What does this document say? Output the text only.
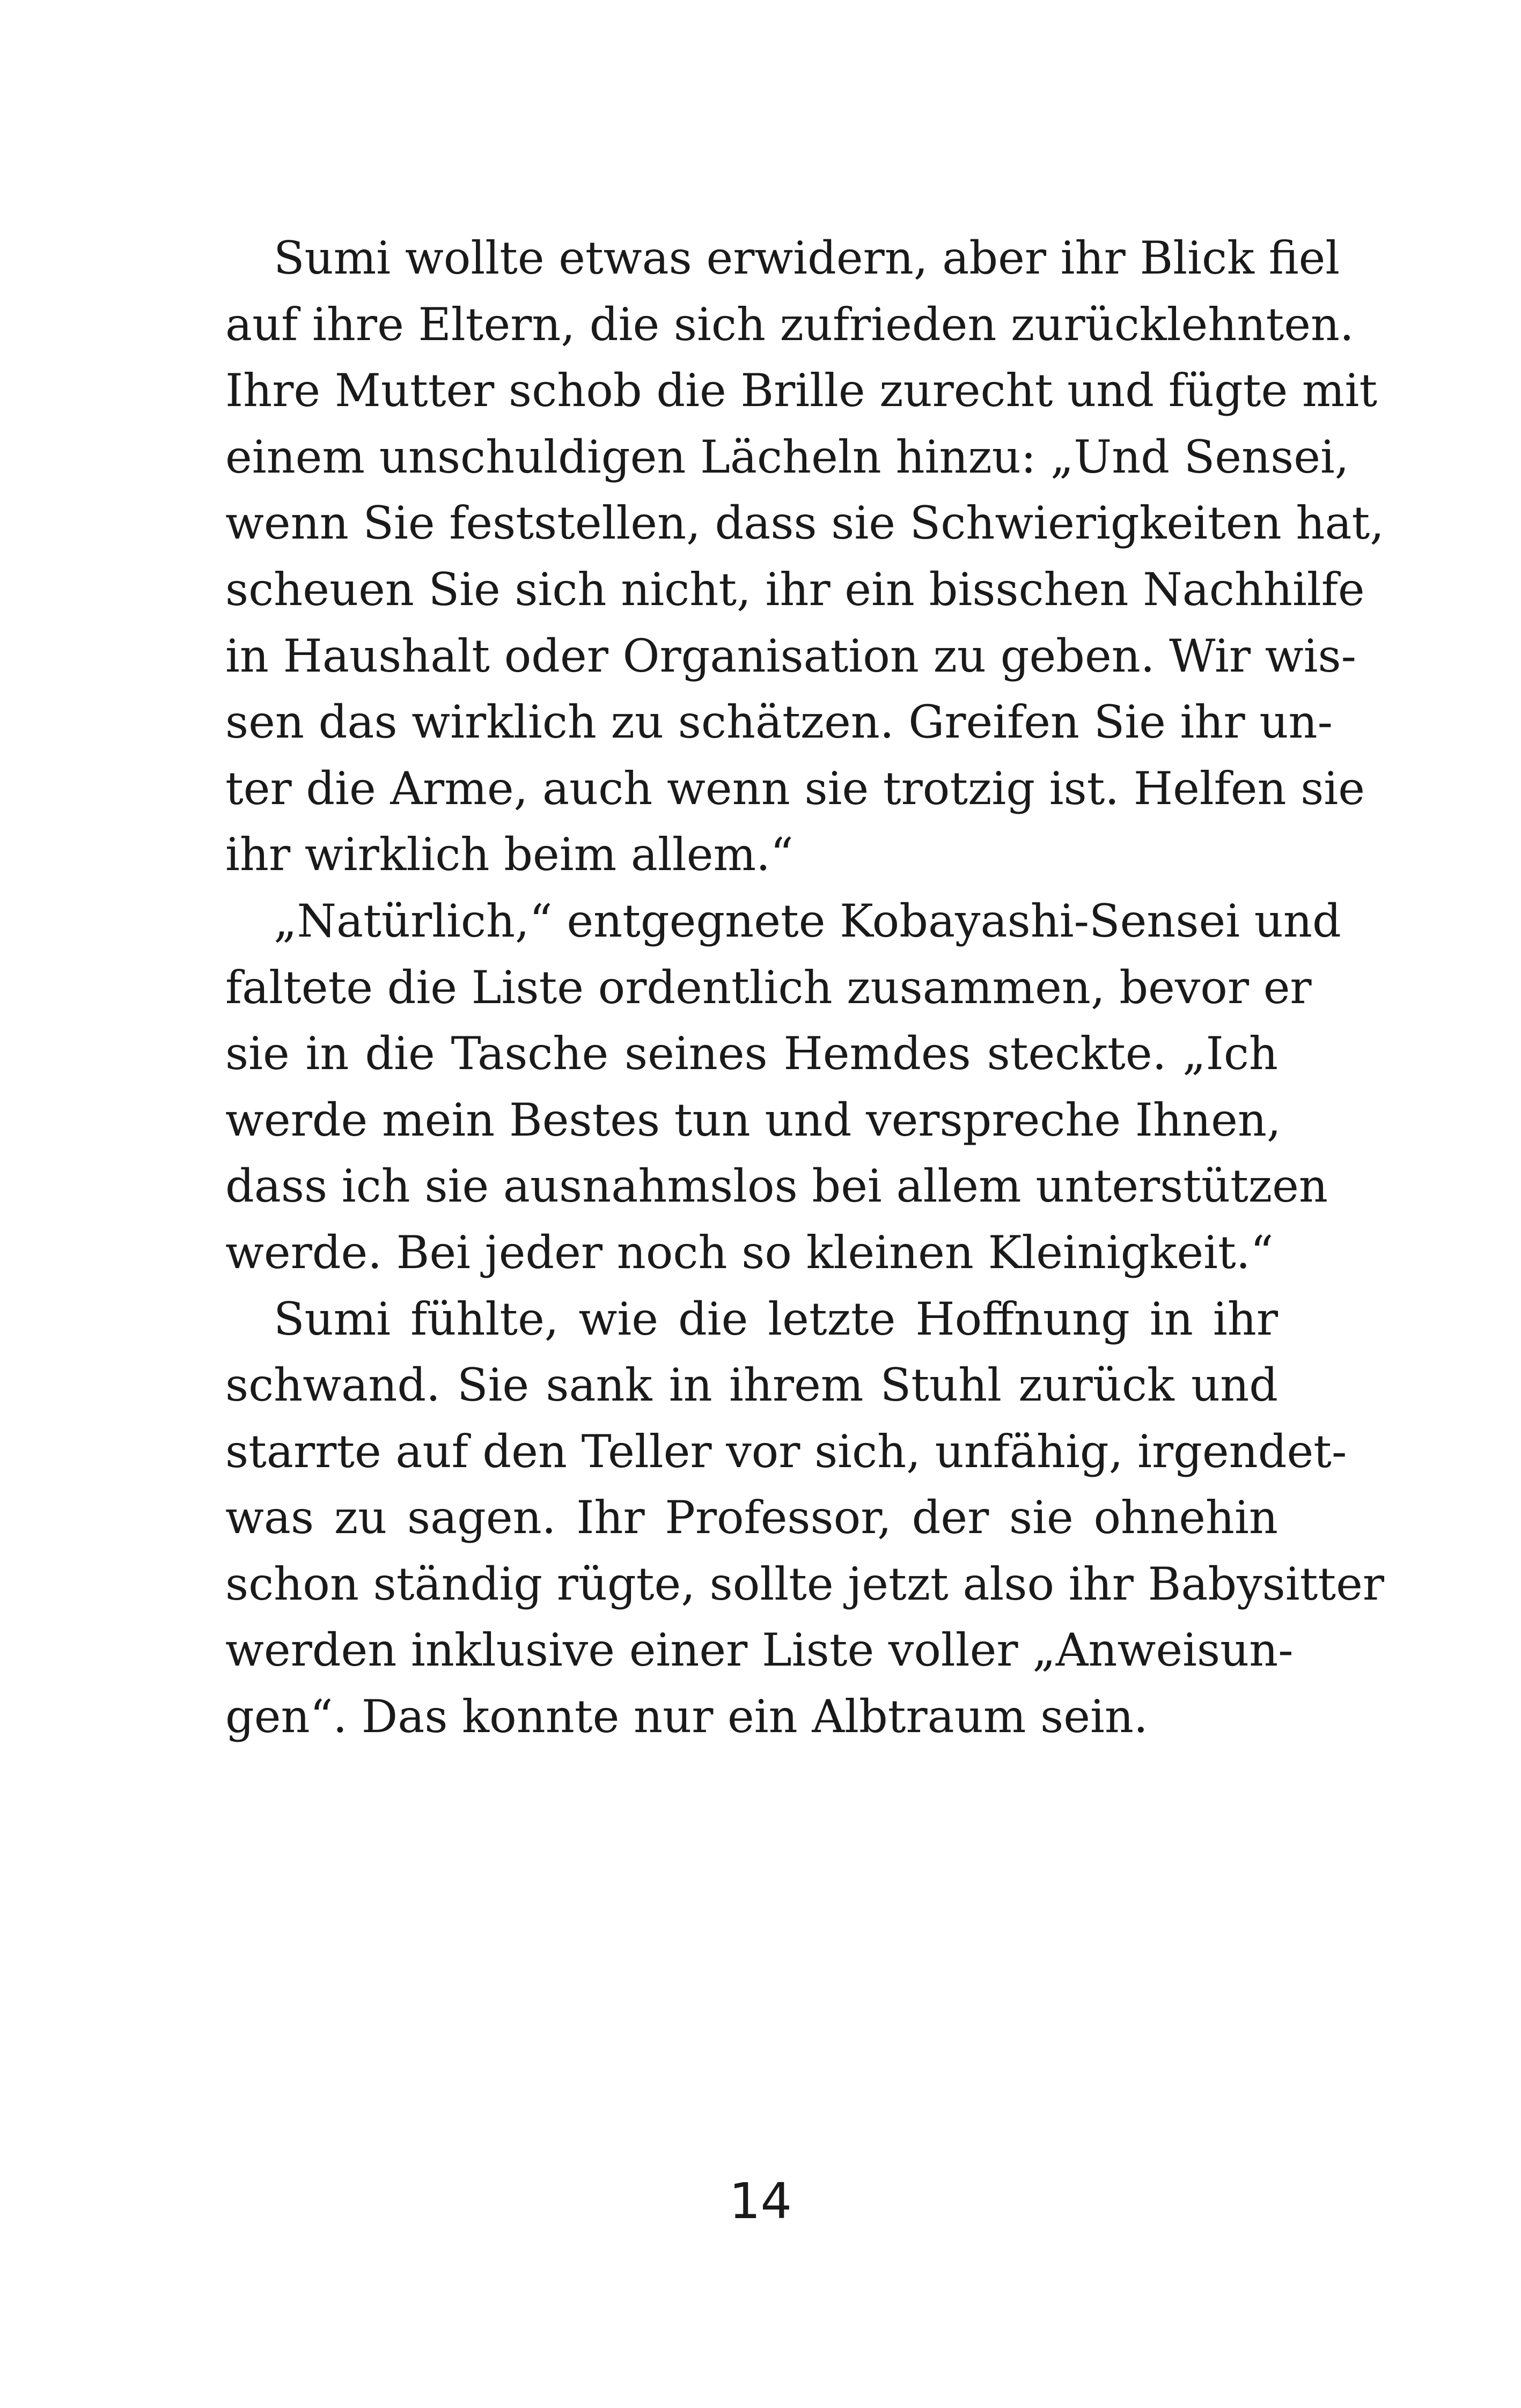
Sumi wollte etwas erwidern, aber ihr Blick fiel
auf ihre Eltern, die sich zufrieden zurücklehnten.
Ihre Mutter schob die Brille zurecht und fügte mit
einem unschuldigen Lächeln hinzu: „Und Sensei,
wenn Sie feststellen, dass sie Schwierigkeiten hat,
scheuen Sie sich nicht, ihr ein bisschen Nachhilfe
in Haushalt oder Organisation zu geben. Wir wis-
sen das wirklich zu schätzen. Greifen Sie ihr un-
ter die Arme, auch wenn sie trotzig ist. Helfen sie
ihr wirklich beim allem.“
„Natürlich,“ entgegnete Kobayashi-Sensei und
faltete die Liste ordentlich zusammen, bevor er
sie in die Tasche seines Hemdes steckte. „Ich
werde mein Bestes tun und verspreche Ihnen,
dass ich sie ausnahmslos bei allem unterstützen
werde. Bei jeder noch so kleinen Kleinigkeit.“
Sumi fühlte, wie die letzte Hoffnung in ihr
schwand. Sie sank in ihrem Stuhl zurück und
starrte auf den Teller vor sich, unfähig, irgendet-
was zu sagen. Ihr Professor, der sie ohnehin
schon ständig rügte, sollte jetzt also ihr Babysitter
werden inklusive einer Liste voller „Anweisun-
gen“. Das konnte nur ein Albtraum sein.
14
